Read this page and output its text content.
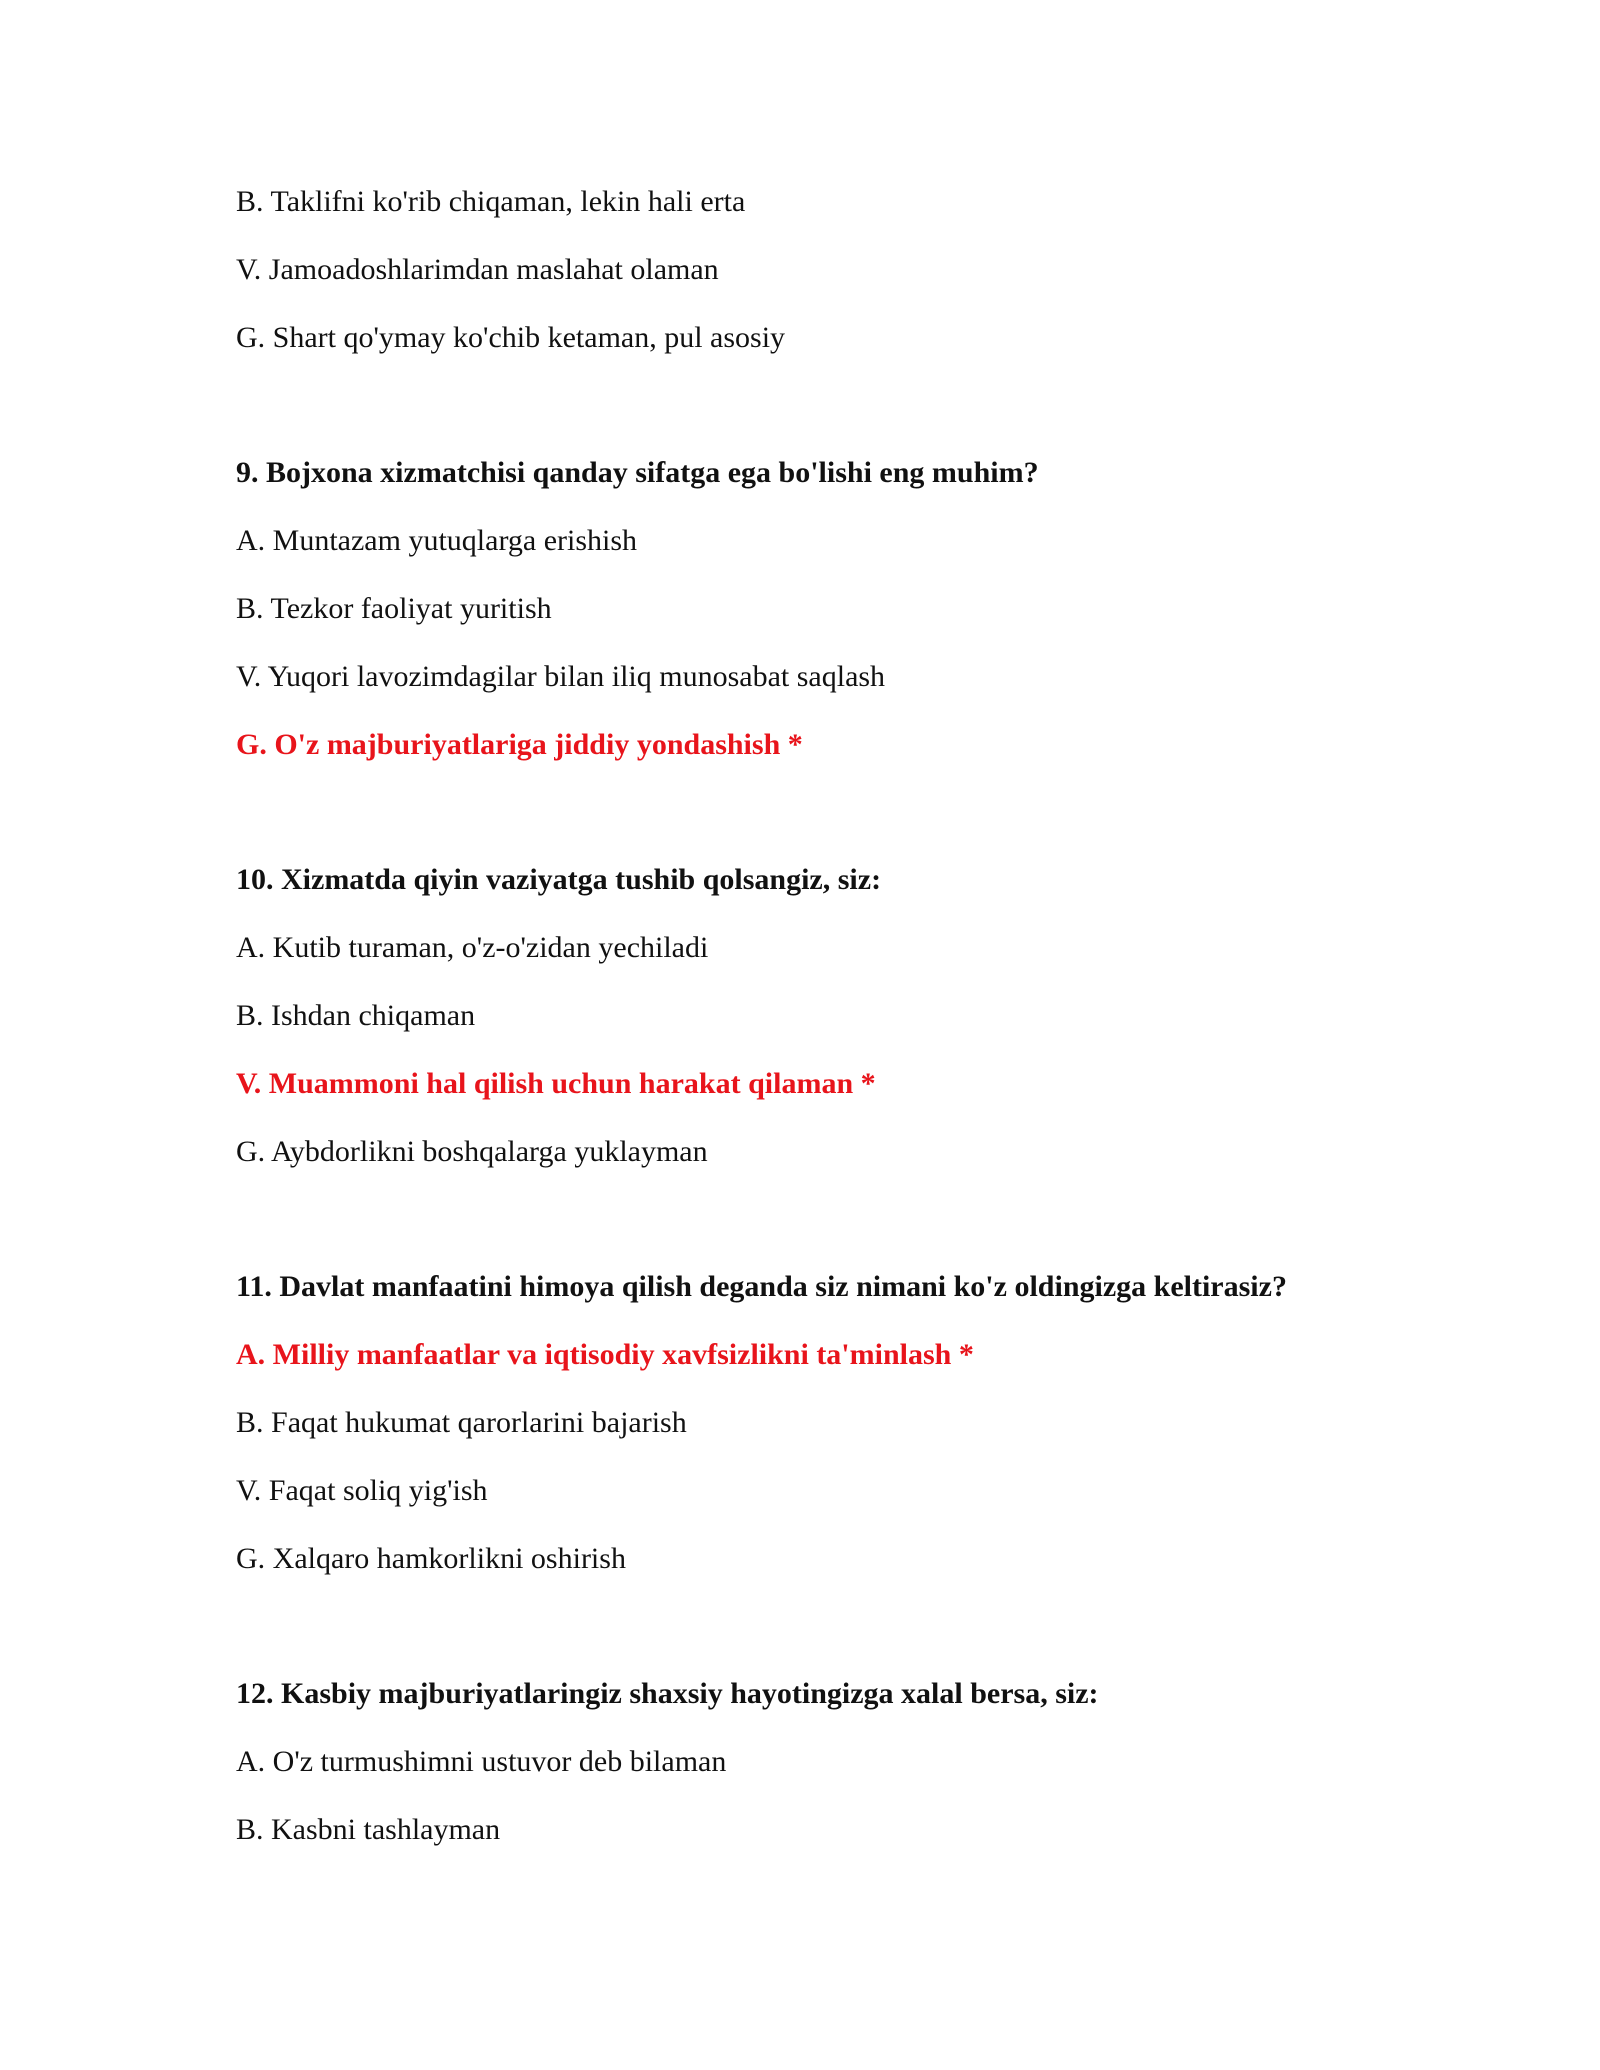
B. Taklifni ko'rib chiqaman, lekin hali erta
V. Jamoadoshlarimdan maslahat olaman
G. Shart qo'ymay ko'chib ketaman, pul asosiy
9. Bojxona xizmatchisi qanday sifatga ega bo'lishi eng muhim?
A. Muntazam yutuqlarga erishish
B. Tezkor faoliyat yuritish
V. Yuqori lavozimdagilar bilan iliq munosabat saqlash
G. O'z majburiyatlariga jiddiy yondashish *
10. Xizmatda qiyin vaziyatga tushib qolsangiz, siz:
A. Kutib turaman, o'z-o'zidan yechiladi
B. Ishdan chiqaman
V. Muammoni hal qilish uchun harakat qilaman *
G. Aybdorlikni boshqalarga yuklayman
11. Davlat manfaatini himoya qilish deganda siz nimani ko'z oldingizga keltirasiz?
A. Milliy manfaatlar va iqtisodiy xavfsizlikni ta'minlash *
B. Faqat hukumat qarorlarini bajarish
V. Faqat soliq yig'ish
G. Xalqaro hamkorlikni oshirish
12. Kasbiy majburiyatlaringiz shaxsiy hayotingizga xalal bersa, siz:
A. O'z turmushimni ustuvor deb bilaman
B. Kasbni tashlayman
